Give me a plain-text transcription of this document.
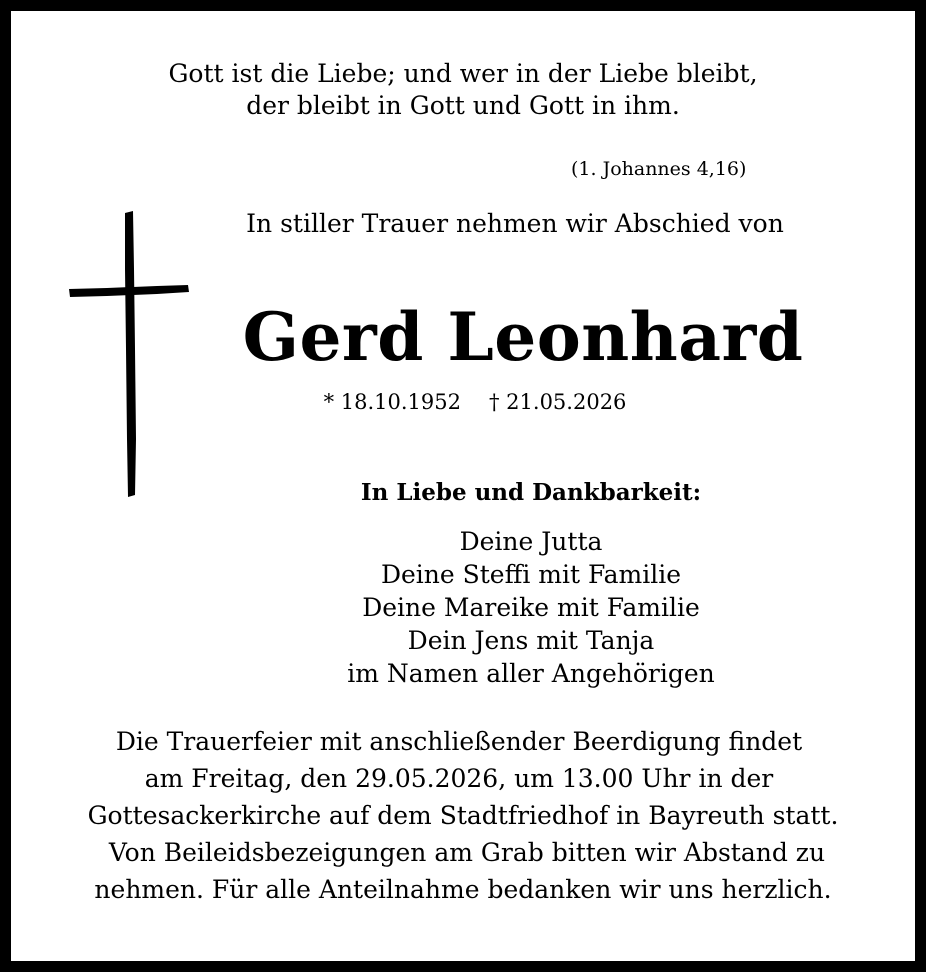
Gott ist die Liebe; und wer in der Liebe bleibt,

der bleibt in Gott und Gott in ihm.

(1. Johannes 4,16)

In stiller Trauer nehmen wir Abschied von

Gerd Leonhard

* 18.10.1952 † 21.05.2026

In Liebe und Dankbarkeit:

Deine Jutta

Deine Steffi mit Familie

Deine Mareike mit Familie

Dein Jens mit Tanja

im Namen aller Angehörigen

Die Trauerfeier mit anschließender Beerdigung findet

am Freitag, den 29.05.2026, um 13.00 Uhr in der

Gottesackerkirche auf dem Stadtfriedhof in Bayreuth statt.

Von Beileidsbezeigungen am Grab bitten wir Abstand zu

nehmen. Für alle Anteilnahme bedanken wir uns herzlich.
